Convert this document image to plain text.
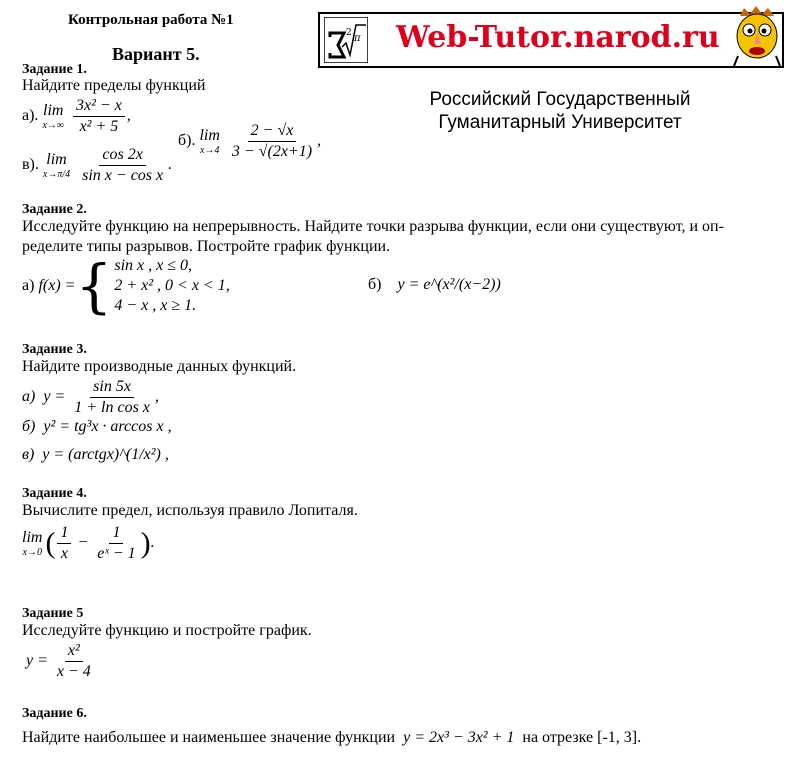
Контрольная работа №1
Вариант 5.
2 π Web-Tutor.narod.ru
Российский Государственный
Гуманитарный Университет
Задание 1.
Найдите пределы функций
а). lim
x→∞
$\frac{\text{3x² − x}}{\text{x² + 5}}$ ,
б). lim
x→4
$\frac{2 - √x}{3 - √(2x+1)}$ ,
в). lim
x→π/4
$\frac{\cos 2x}{\text{sin x − cos x}}$ .
Задание 2.
Исследуйте функцию на непрерывность. Найдите точки разрыва функции, если они существуют, и оп-
ределите типы разрывов. Постройте график функции.
а) f(x) = { sin x , x ≤ 0,
2 + x² , 0 < x < 1,
4 − x , x ≥ 1.
б) y = e^(x²/(x−2))
Задание 3.
Найдите производные данных функций.
а)  $y = \frac{\sin 5x}{\text{1 + ln cos x}}$ ,
б) y² = tg³x · arccos x ,
в) y = (arctgx)^(1/x²) ,
Задание 4.
Вычислите предел, используя правило Лопиталя.
lim
x→0 ( $\frac{1}{x} - \frac{1}{\text{eˣ − 1}}$ ).
Задание 5
Исследуйте функцию и постройте график.
$y = \frac{\text{x²}}{x - 4}$
Задание 6.
Найдите наибольшее и наименьшее значение функции y = 2x³ − 3x² + 1 на отрезке [-1, 3].
